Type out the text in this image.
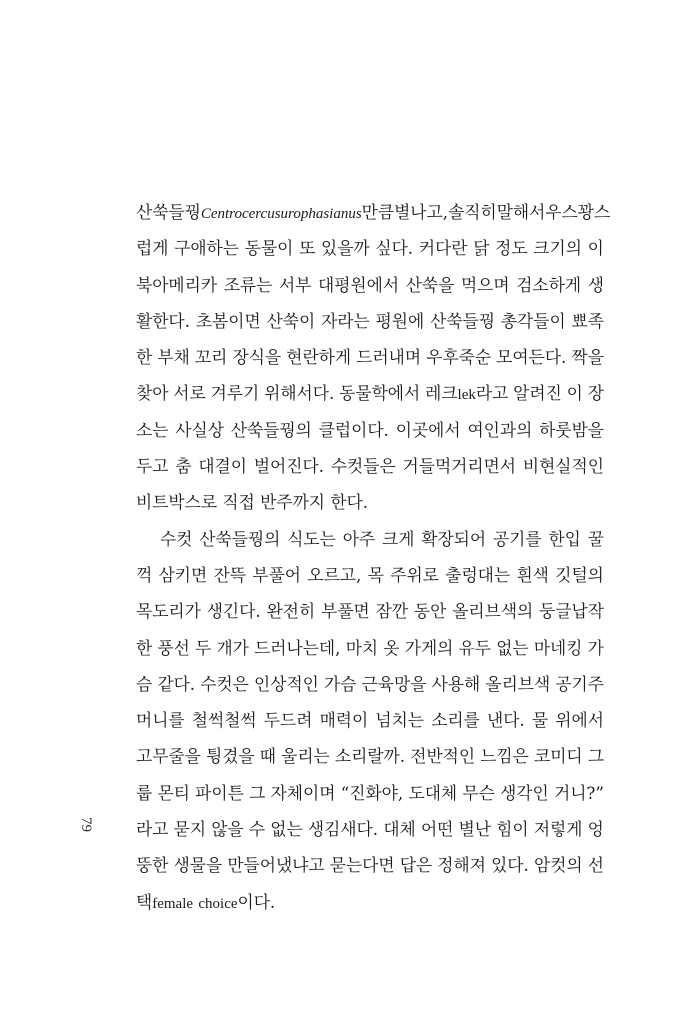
79
산쑥들꿩Centrocercus urophasianus만큼 별나고, 솔직히 말해서 우스꽝스
럽게 구애하는 동물이 또 있을까 싶다. 커다란 닭 정도 크기의 이
북아메리카 조류는 서부 대평원에서 산쑥을 먹으며 검소하게 생
활한다. 초봄이면 산쑥이 자라는 평원에 산쑥들꿩 총각들이 뾰족
한 부채 꼬리 장식을 현란하게 드러내며 우후죽순 모여든다. 짝을
찾아 서로 겨루기 위해서다. 동물학에서 레크lek라고 알려진 이 장
소는 사실상 산쑥들꿩의 클럽이다. 이곳에서 여인과의 하룻밤을
두고 춤 대결이 벌어진다. 수컷들은 거들먹거리면서 비현실적인
비트박스로
직접
반주까지
한다.
수컷 산쑥들꿩의 식도는 아주 크게 확장되어 공기를 한입 꿀
꺽 삼키면 잔뜩 부풀어 오르고, 목 주위로 출렁대는 흰색 깃털의
목도리가 생긴다. 완전히 부풀면 잠깐 동안 올리브색의 둥글납작
한 풍선 두 개가 드러나는데, 마치 옷 가게의 유두 없는 마네킹 가
슴 같다. 수컷은 인상적인 가슴 근육망을 사용해 올리브색 공기주
머니를 철썩철썩 두드려 매력이 넘치는 소리를 낸다. 물 위에서
고무줄을 튕겼을 때 울리는 소리랄까. 전반적인 느낌은 코미디 그
룹 몬티 파이튼 그 자체이며 “진화야, 도대체 무슨 생각인 거니?”
라고 묻지 않을 수 없는 생김새다. 대체 어떤 별난 힘이 저렇게 엉
뚱한 생물을 만들어냈냐고 묻는다면 답은 정해져 있다. 암컷의 선
택female
choice이다.
